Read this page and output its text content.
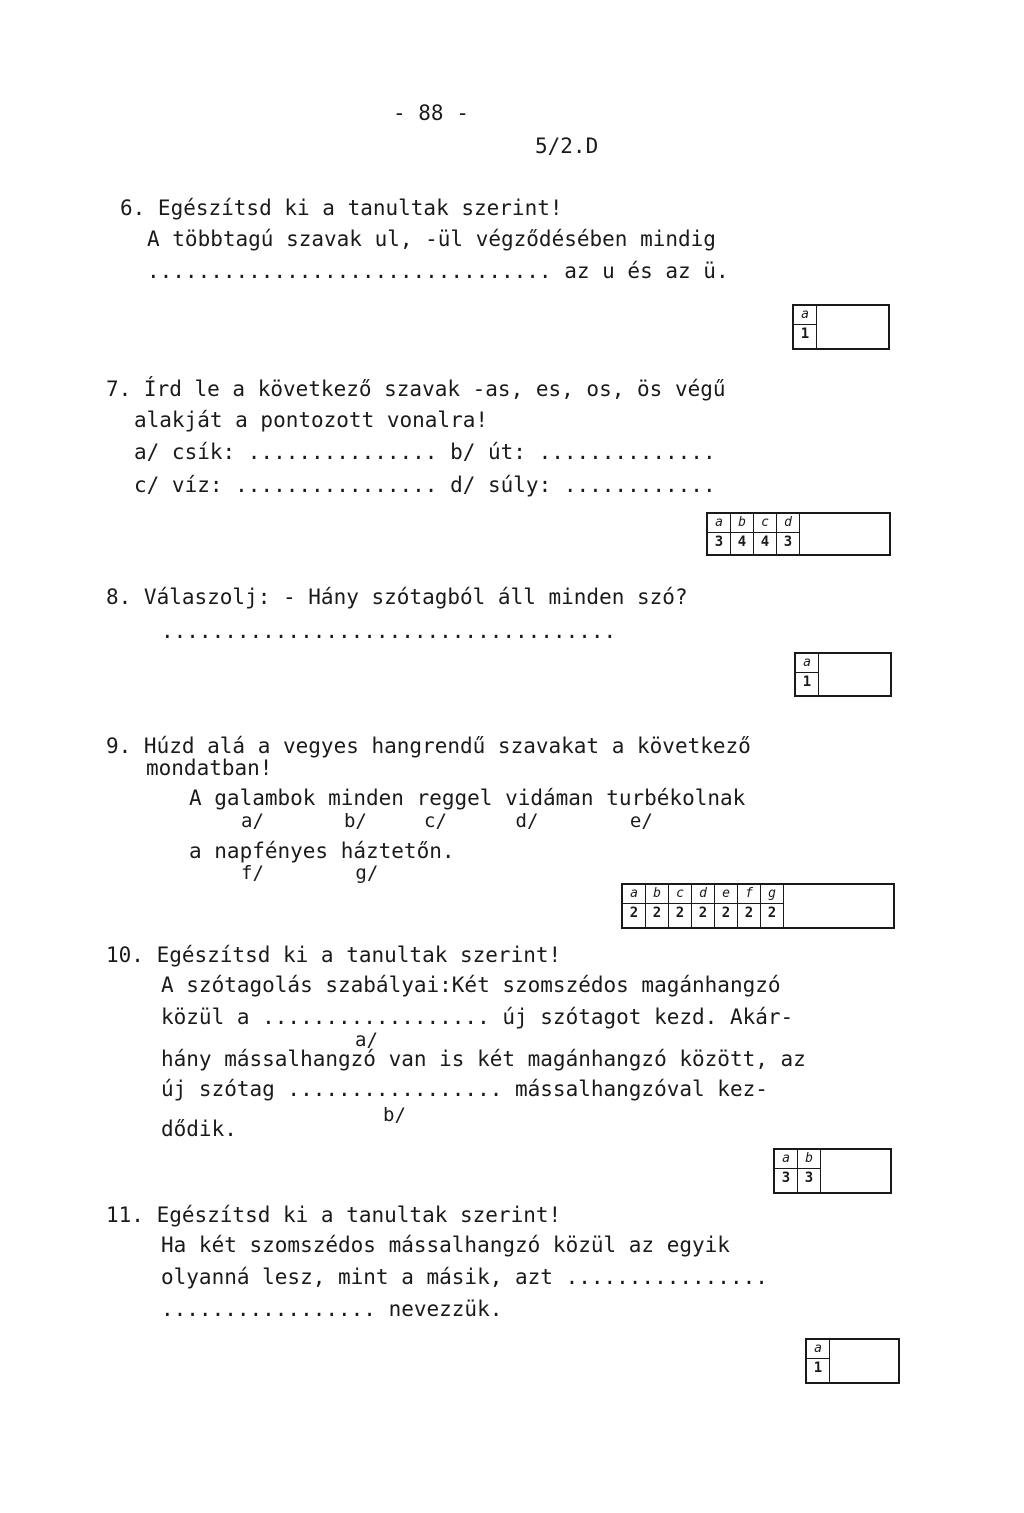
- 88 -
5/2.D
6. Egészítsd ki a tanultak szerint!
A többtagú szavak ul, -ül végződésében mindig
................................ az u és az ü.
a
1
7. Írd le a következő szavak -as, es, os, ös végű
alakját a pontozott vonalra!
a/ csík: ............... b/ út: ..............
c/ víz: ................ d/ súly: ............
a
3
b
4
c
4
d
3
8. Válaszolj: - Hány szótagból áll minden szó?
....................................
a
1
9. Húzd alá a vegyes hangrendű szavakat a következő
mondatban!
A galambok minden reggel vidáman turbékolnak
a/       b/     c/      d/        e/
a napfényes háztetőn.
f/        g/
a
2
b
2
c
2
d
2
e
2
f
2
g
2
10. Egészítsd ki a tanultak szerint!
A szótagolás szabályai:Két szomszédos magánhangzó
közül a .................. új szótagot kezd. Akár-
a/
hány mássalhangzó van is két magánhangzó között, az
új szótag ................. mássalhangzóval kez-
b/
dődik.
a
3
b
3
11. Egészítsd ki a tanultak szerint!
Ha két szomszédos mássalhangzó közül az egyik
olyanná lesz, mint a másik, azt ................
................. nevezzük.
a
1
